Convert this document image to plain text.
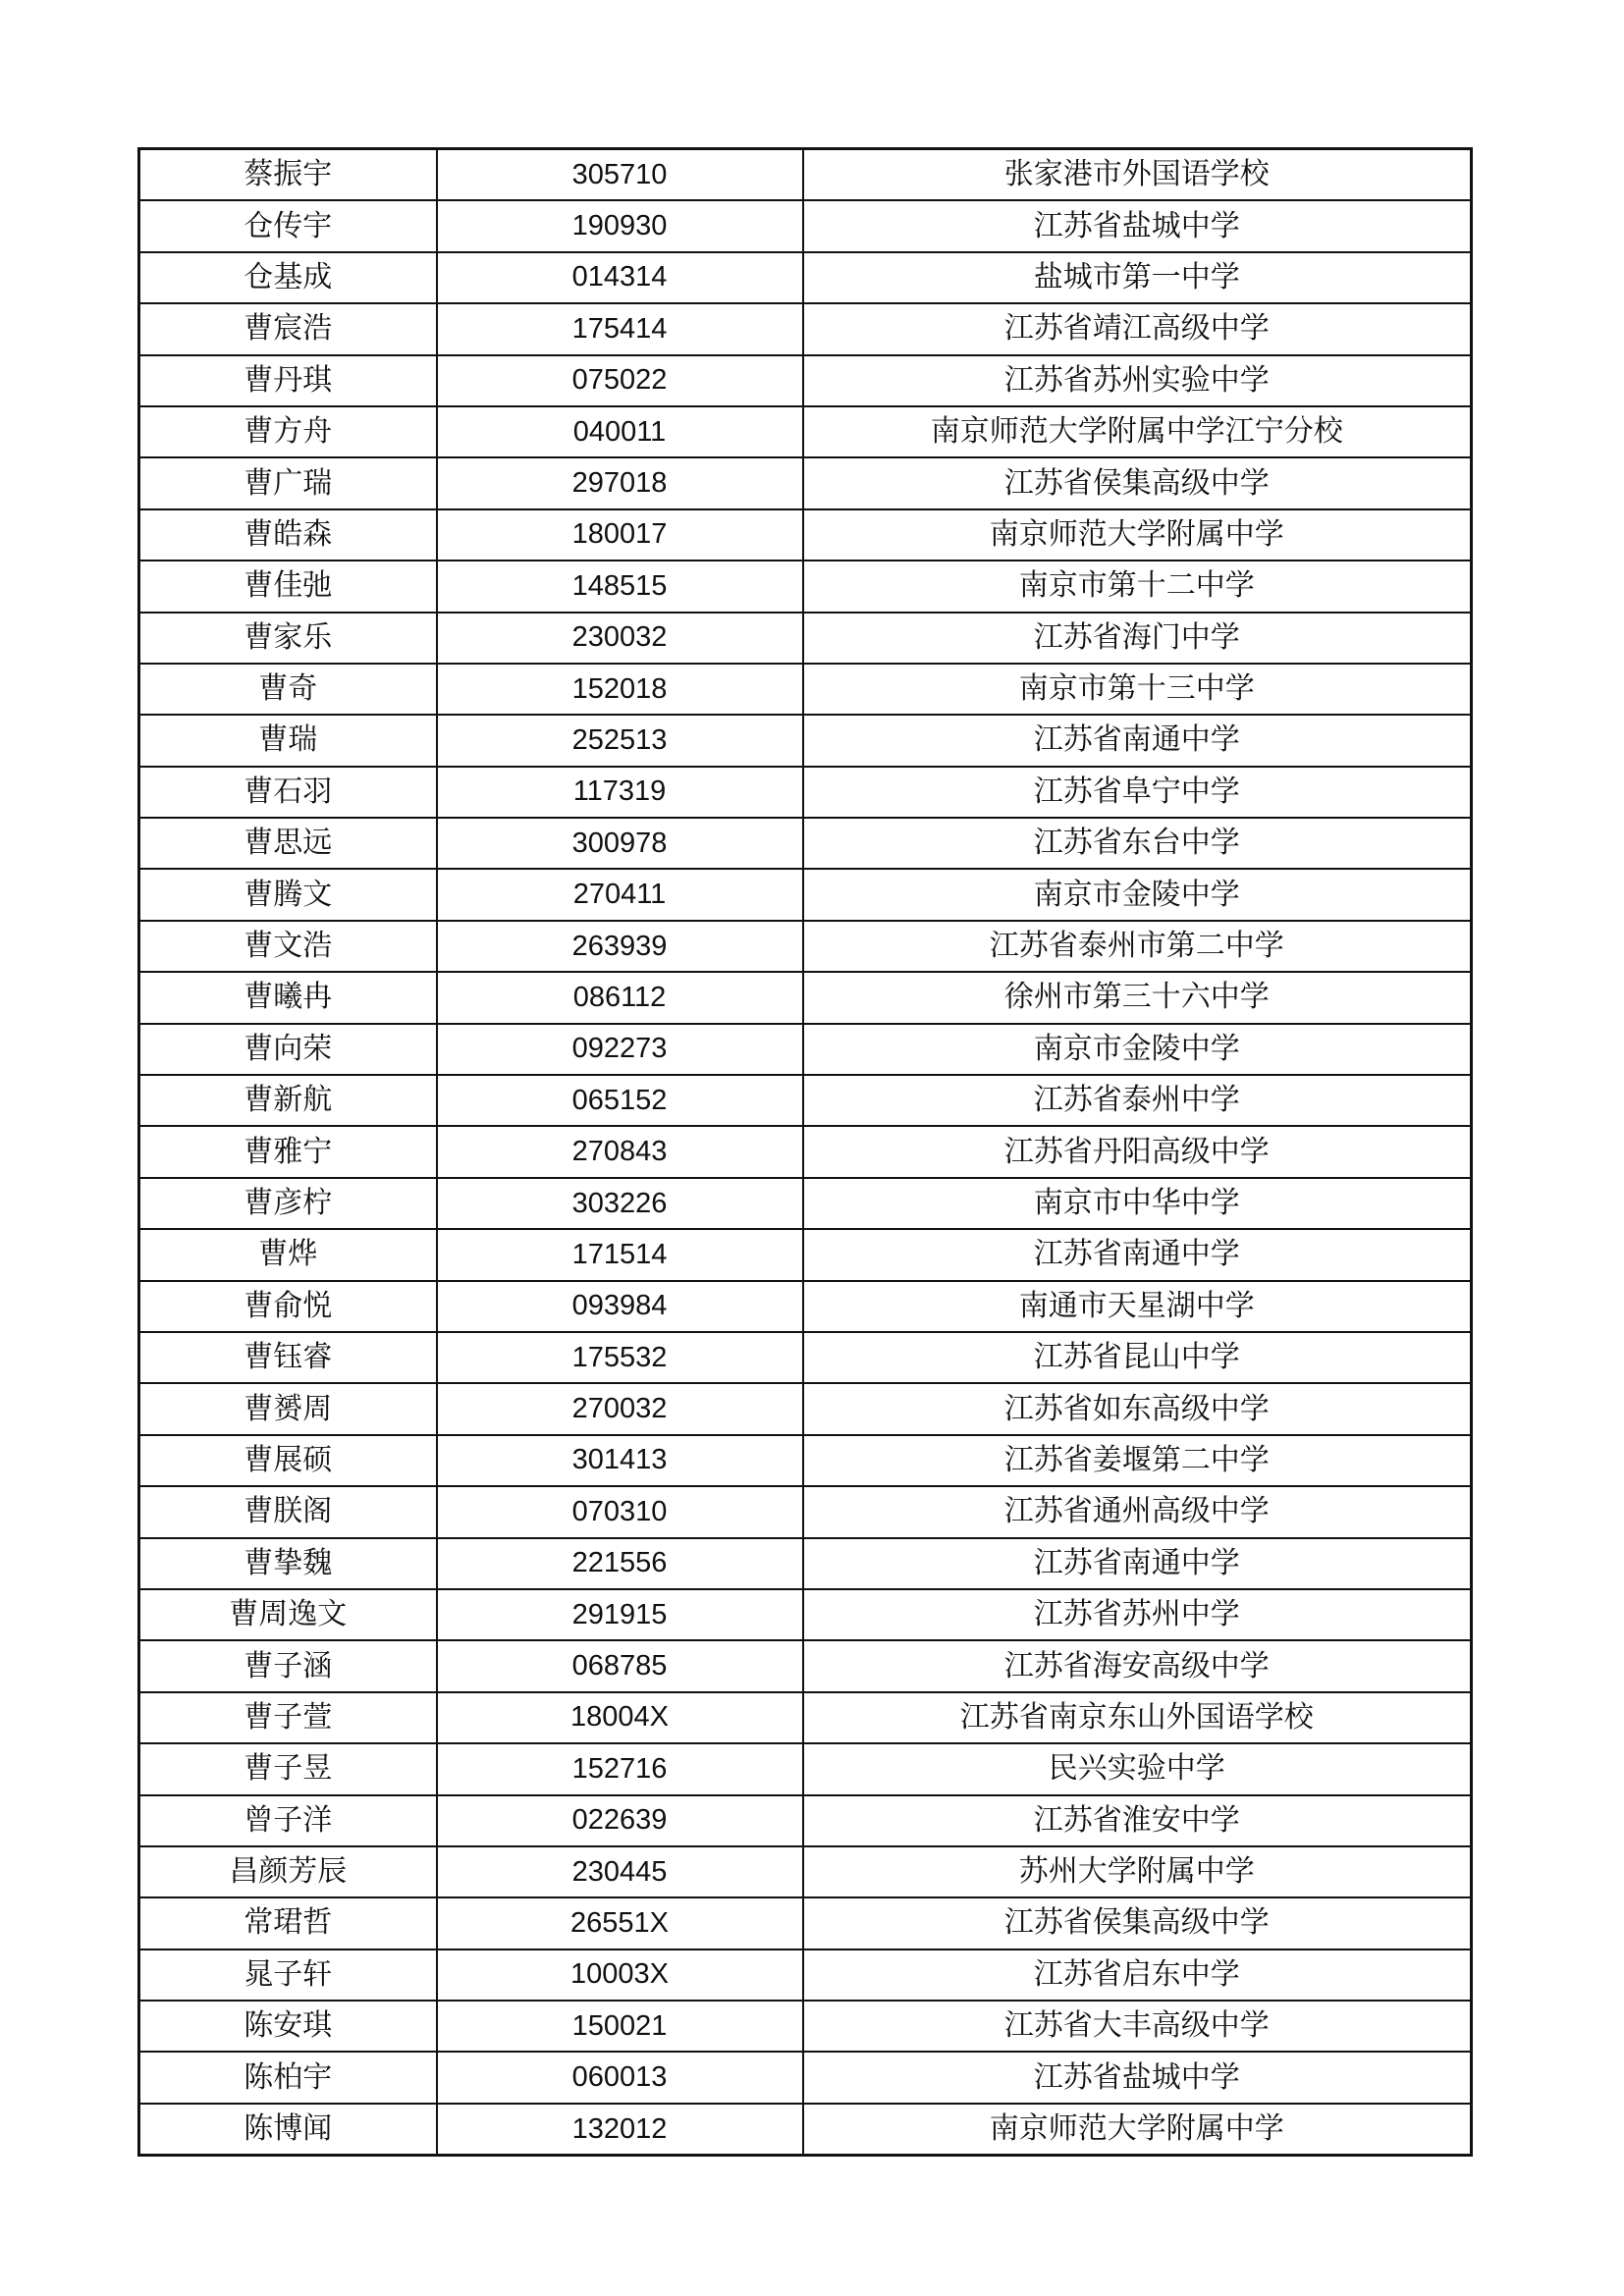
蔡振宇	305710	张家港市外国语学校
仓传宇	190930	江苏省盐城中学
仓基成	014314	盐城市第一中学
曹宸浩	175414	江苏省靖江高级中学
曹丹琪	075022	江苏省苏州实验中学
曹方舟	040011	南京师范大学附属中学江宁分校
曹广瑞	297018	江苏省侯集高级中学
曹皓森	180017	南京师范大学附属中学
曹佳弛	148515	南京市第十二中学
曹家乐	230032	江苏省海门中学
曹奇	152018	南京市第十三中学
曹瑞	252513	江苏省南通中学
曹石羽	117319	江苏省阜宁中学
曹思远	300978	江苏省东台中学
曹腾文	270411	南京市金陵中学
曹文浩	263939	江苏省泰州市第二中学
曹曦冉	086112	徐州市第三十六中学
曹向荣	092273	南京市金陵中学
曹新航	065152	江苏省泰州中学
曹雅宁	270843	江苏省丹阳高级中学
曹彦柠	303226	南京市中华中学
曹烨	171514	江苏省南通中学
曹俞悦	093984	南通市天星湖中学
曹钰睿	175532	江苏省昆山中学
曹赟周	270032	江苏省如东高级中学
曹展硕	301413	江苏省姜堰第二中学
曹朕阁	070310	江苏省通州高级中学
曹挚魏	221556	江苏省南通中学
曹周逸文	291915	江苏省苏州中学
曹子涵	068785	江苏省海安高级中学
曹子萱	18004X	江苏省南京东山外国语学校
曹子昱	152716	民兴实验中学
曾子洋	022639	江苏省淮安中学
昌颜芳辰	230445	苏州大学附属中学
常珺哲	26551X	江苏省侯集高级中学
晁子轩	10003X	江苏省启东中学
陈安琪	150021	江苏省大丰高级中学
陈柏宇	060013	江苏省盐城中学
陈博闻	132012	南京师范大学附属中学
